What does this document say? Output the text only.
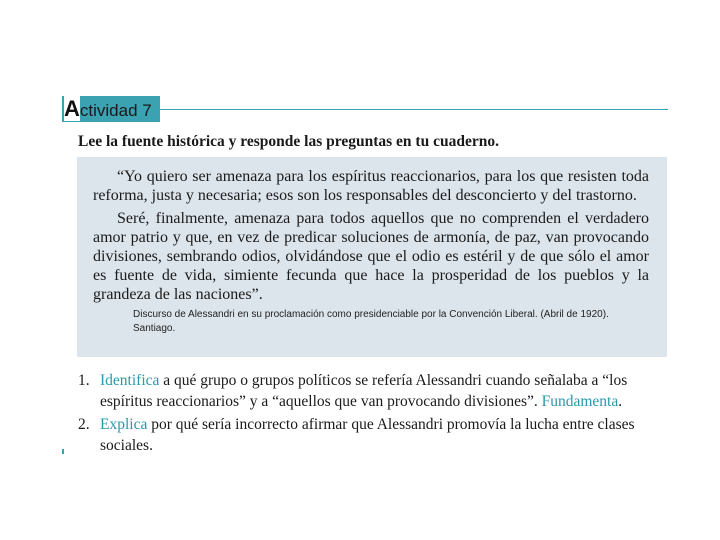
Actividad 7
Lee la fuente histórica y responde las preguntas en tu cuaderno.

“Yo quiero ser amenaza para los espíritus reaccionarios, para los que resisten toda reforma, justa y necesaria; esos son los responsables del desconcierto y del trastorno.

Seré, finalmente, amenaza para todos aquellos que no comprenden el verdadero amor patrio y que, en vez de predicar soluciones de armonía, de paz, van provocando divisiones, sembrando odios, olvidándose que el odio es estéril y de que sólo el amor es fuente de vida, simiente fecunda que hace la prosperidad de los pueblos y la grandeza de las naciones”.

Discurso de Alessandri en su proclamación como presidenciable por la Convención Liberal. (Abril de 1920). Santiago.
1. Identifica a qué grupo o grupos políticos se refería Alessandri cuando señalaba a “los espíritus reaccionarios” y a “aquellos que van provocando divisiones”. Fundamenta.
2. Explica por qué sería incorrecto afirmar que Alessandri promovía la lucha entre clases sociales.
